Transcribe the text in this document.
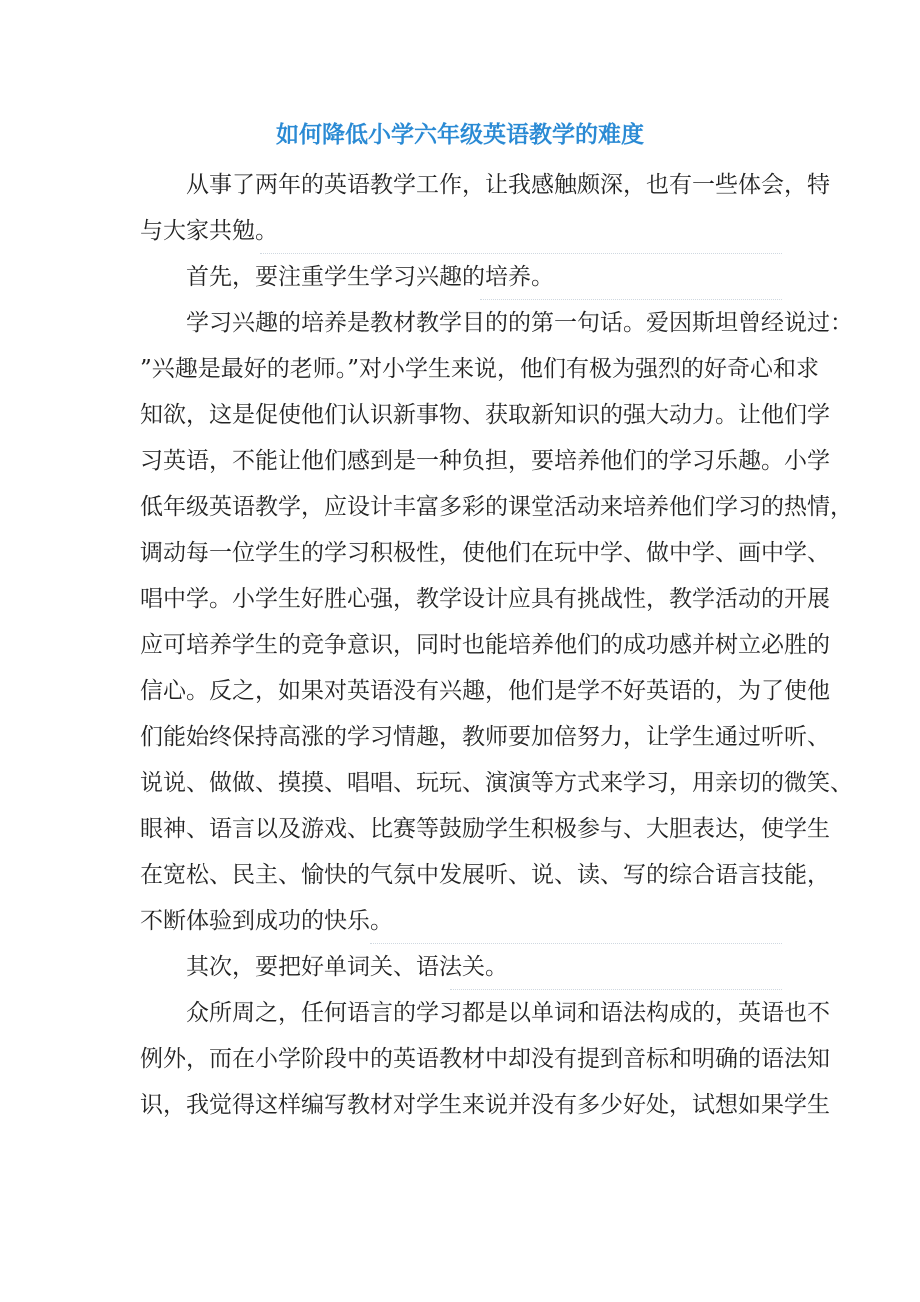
如何降低小学六年级英语教学的难度
从事了两年的英语教学工作，让我感触颇深，也有一些体会，特
与大家共勉。
首先，要注重学生学习兴趣的培养。
学习兴趣的培养是教材教学目的的第一句话。爱因斯坦曾经说过：
”兴趣是最好的老师。”对小学生来说，他们有极为强烈的好奇心和求
知欲，这是促使他们认识新事物、获取新知识的强大动力。让他们学
习英语，不能让他们感到是一种负担，要培养他们的学习乐趣。小学
低年级英语教学，应设计丰富多彩的课堂活动来培养他们学习的热情，
调动每一位学生的学习积极性，使他们在玩中学、做中学、画中学、
唱中学。小学生好胜心强，教学设计应具有挑战性，教学活动的开展
应可培养学生的竞争意识，同时也能培养他们的成功感并树立必胜的
信心。反之，如果对英语没有兴趣，他们是学不好英语的，为了使他
们能始终保持高涨的学习情趣，教师要加倍努力，让学生通过听听、
说说、做做、摸摸、唱唱、玩玩、演演等方式来学习，用亲切的微笑、
眼神、语言以及游戏、比赛等鼓励学生积极参与、大胆表达，使学生
在宽松、民主、愉快的气氛中发展听、说、读、写的综合语言技能，
不断体验到成功的快乐。
其次，要把好单词关、语法关。
众所周之，任何语言的学习都是以单词和语法构成的，英语也不
例外，而在小学阶段中的英语教材中却没有提到音标和明确的语法知
识，我觉得这样编写教材对学生来说并没有多少好处，试想如果学生
